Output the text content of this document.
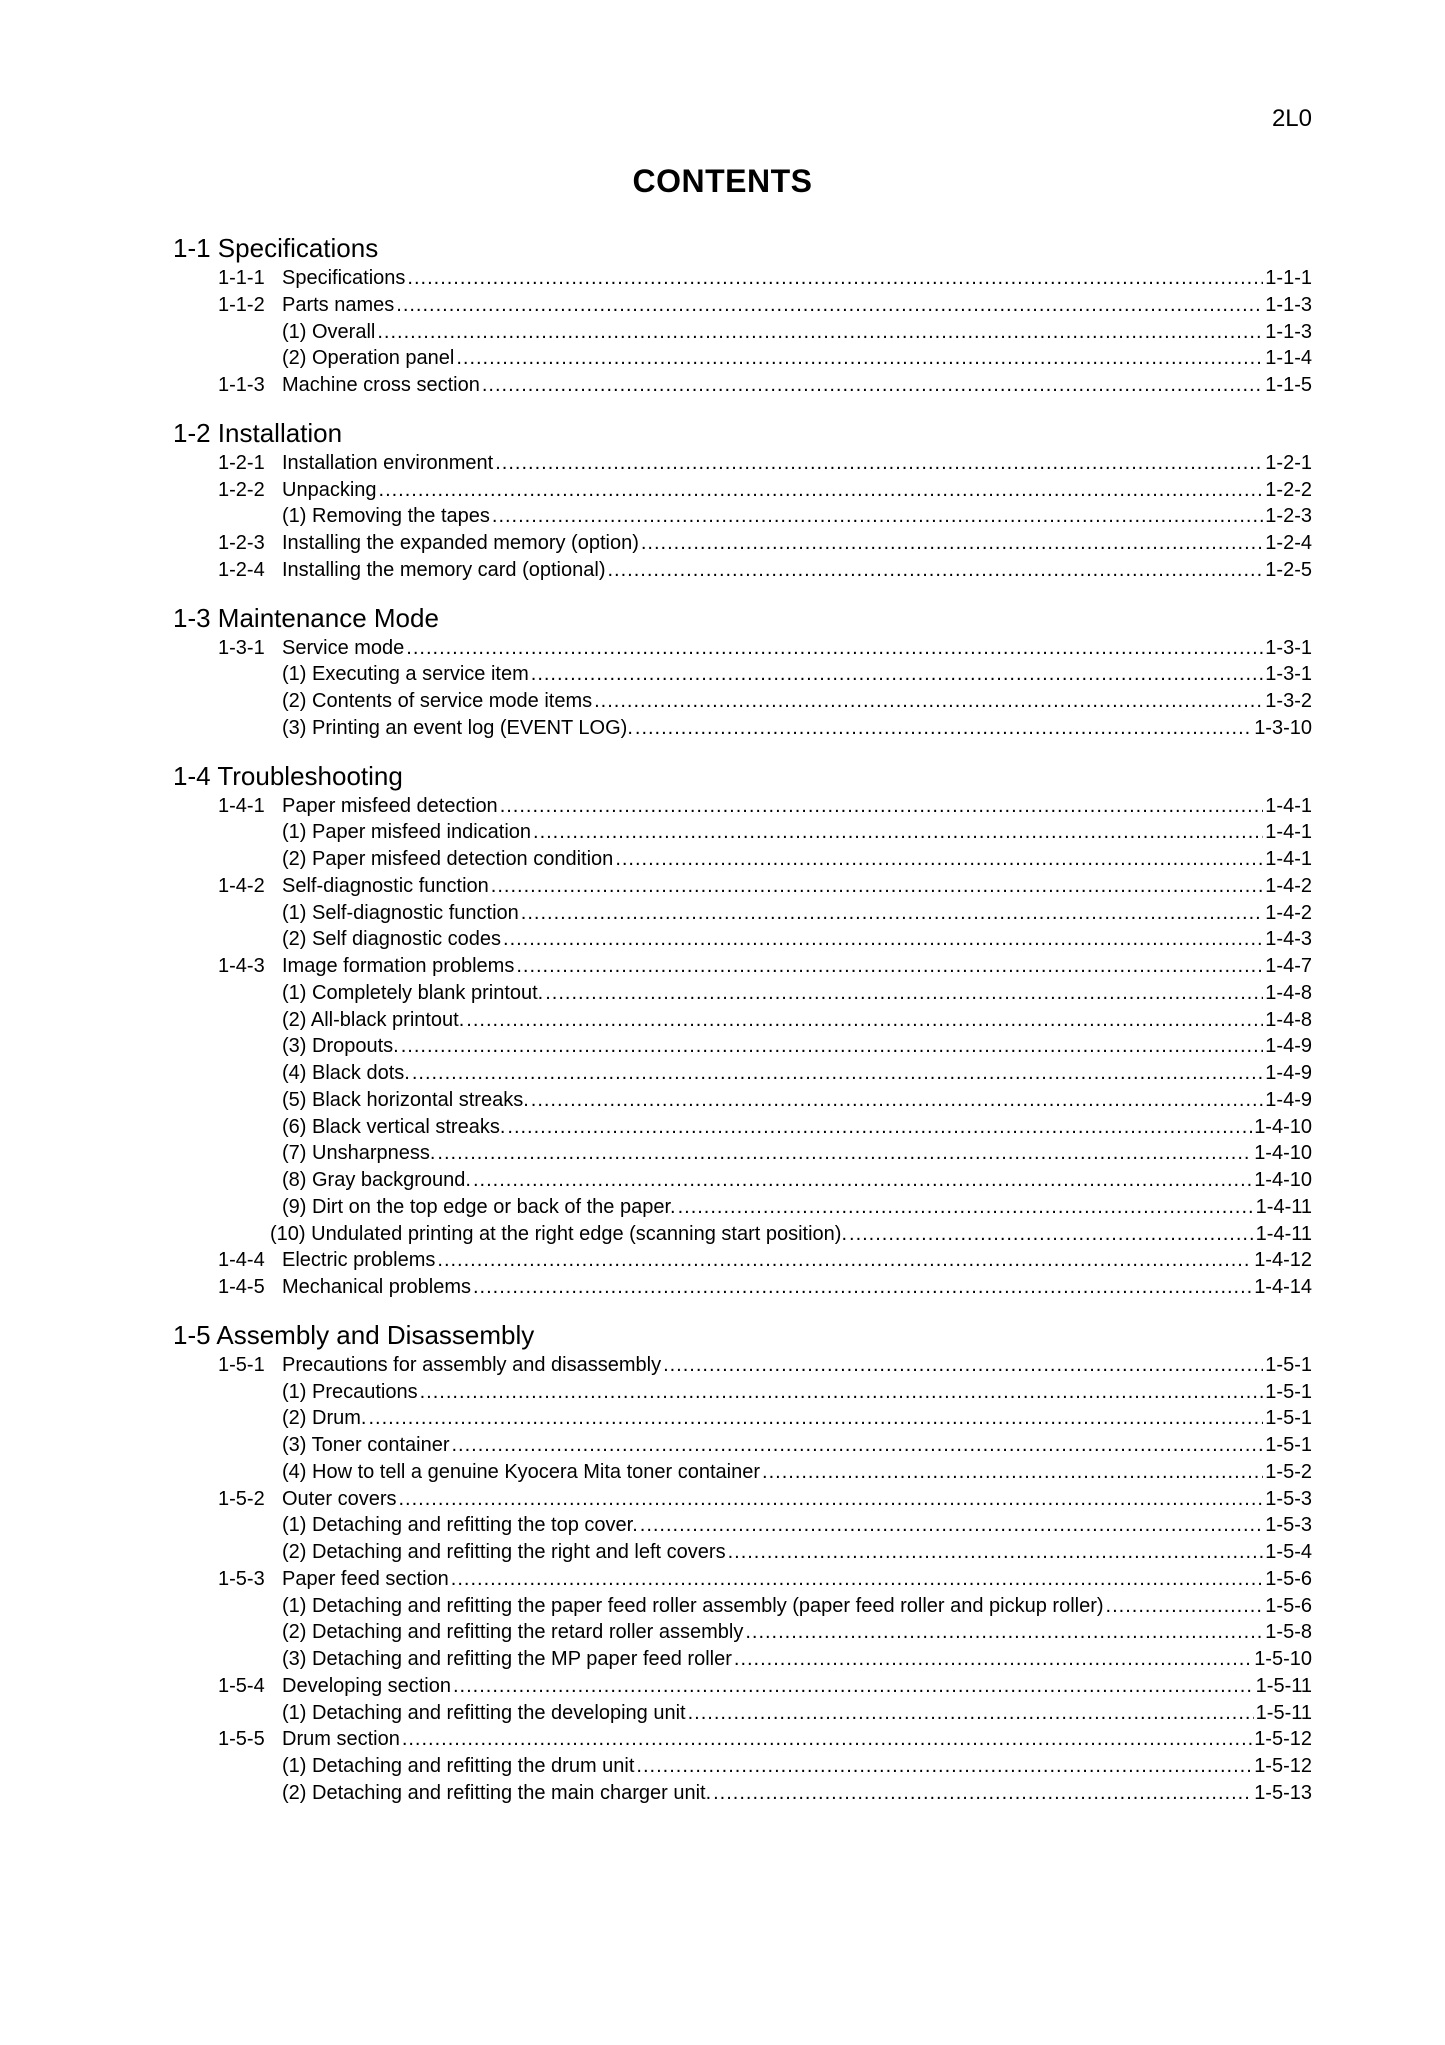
2L0
CONTENTS
1-1 Specifications
1-1-1 Specifications .....	1-1-1
1-1-2 Parts names .....	1-1-3
(1) Overall .....	1-1-3
(2) Operation panel .....	1-1-4
1-1-3 Machine cross section .....	1-1-5
1-2 Installation
1-2-1 Installation environment .....	1-2-1
1-2-2 Unpacking .....	1-2-2
(1) Removing the tapes .....	1-2-3
1-2-3 Installing the expanded memory (option) .....	1-2-4
1-2-4 Installing the memory card (optional) .....	1-2-5
1-3 Maintenance Mode
1-3-1 Service mode .....	1-3-1
(1) Executing a service item .....	1-3-1
(2) Contents of service mode items .....	1-3-2
(3) Printing an event log (EVENT LOG). .....	1-3-10
1-4 Troubleshooting
1-4-1 Paper misfeed detection .....	1-4-1
(1) Paper misfeed indication .....	1-4-1
(2) Paper misfeed detection condition .....	1-4-1
1-4-2 Self-diagnostic function .....	1-4-2
(1) Self-diagnostic function .....	1-4-2
(2) Self diagnostic codes .....	1-4-3
1-4-3 Image formation problems .....	1-4-7
(1) Completely blank printout. .....	1-4-8
(2) All-black printout. .....	1-4-8
(3) Dropouts. .....	1-4-9
(4) Black dots. .....	1-4-9
(5) Black horizontal streaks. .....	1-4-9
(6) Black vertical streaks. .....	1-4-10
(7) Unsharpness. .....	1-4-10
(8) Gray background. .....	1-4-10
(9) Dirt on the top edge or back of the paper. .....	1-4-11
(10) Undulated printing at the right edge (scanning start position). .....	1-4-11
1-4-4 Electric problems .....	1-4-12
1-4-5 Mechanical problems .....	1-4-14
1-5 Assembly and Disassembly
1-5-1 Precautions for assembly and disassembly .....	1-5-1
(1) Precautions .....	1-5-1
(2) Drum. .....	1-5-1
(3) Toner container .....	1-5-1
(4) How to tell a genuine Kyocera Mita toner container .....	1-5-2
1-5-2 Outer covers .....	1-5-3
(1) Detaching and refitting the top cover. .....	1-5-3
(2) Detaching and refitting the right and left covers .....	1-5-4
1-5-3 Paper feed section .....	1-5-6
(1) Detaching and refitting the paper feed roller assembly (paper feed roller and pickup roller) .....	1-5-6
(2) Detaching and refitting the retard roller assembly .....	1-5-8
(3) Detaching and refitting the MP paper feed roller .....	1-5-10
1-5-4 Developing section .....	1-5-11
(1) Detaching and refitting the developing unit .....	1-5-11
1-5-5 Drum section .....	1-5-12
(1) Detaching and refitting the drum unit .....	1-5-12
(2) Detaching and refitting the main charger unit. .....	1-5-13
